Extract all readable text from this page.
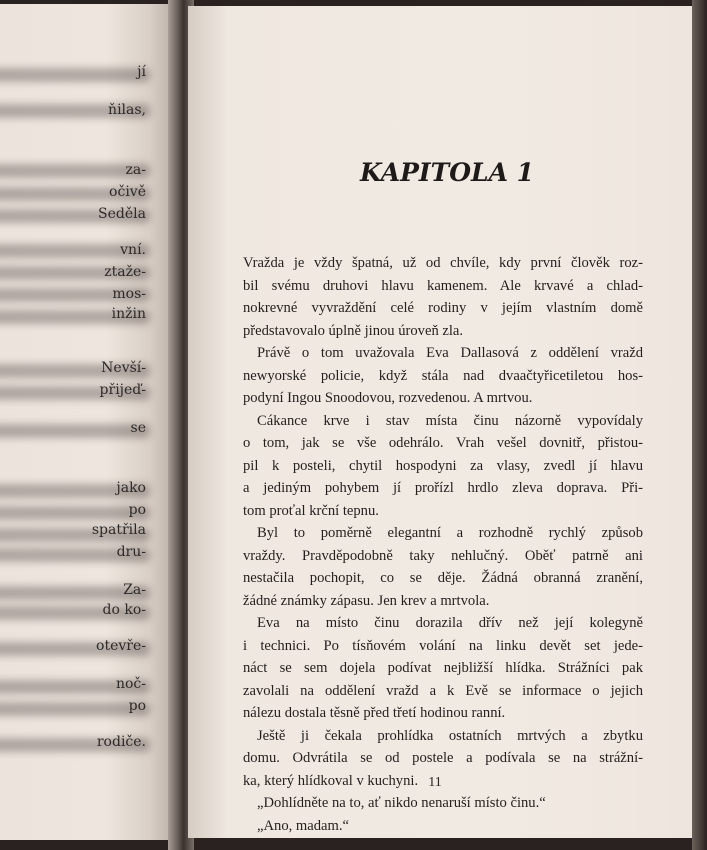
jí
ňilas,
za-
očivě
Seděla
vní.
ztaže-
mos-
inžin
Nevší-
přijeď-
se
jako
po
spatřila
dru-
Za-
do ko-
otevře-
noč-
po
rodiče.
KAPITOLA 1
Vražda je vždy špatná, už od chvíle, kdy první člověk roz-
bil svému druhovi hlavu kamenem. Ale krvavé a chlad-
nokrevné vyvraždění celé rodiny v jejím vlastním domě
představovalo úplně jinou úroveň zla.
Právě o tom uvažovala Eva Dallasová z oddělení vražd
newyorské policie, když stála nad dvaačtyřicetiletou hos-
podyní Ingou Snoodovou, rozvedenou. A mrtvou.
Cákance krve i stav místa činu názorně vypovídaly
o tom, jak se vše odehrálo. Vrah vešel dovnitř, přistou-
pil k posteli, chytil hospodyni za vlasy, zvedl jí hlavu
a jediným pohybem jí proříz​l hrdlo zleva doprava. Při-
tom proťal krční tepnu.
Byl to poměrně elegantní a rozhodně rychlý způsob
vraždy. Pravděpodobně taky nehlučný. Oběť patrně ani
nestačila pochopit, co se děje. Žádná obranná zranění,
žádné známky zápasu. Jen krev a mrtvola.
Eva na místo činu dorazila dřív než její kolegyně
i technici. Po tísňovém volání na linku devět set jede-
náct se sem dojela podívat nejbližší hlídka. Strážníci pak
zavolali na oddělení vražd a k Evě se informace o jejich
nálezu dostala těsně před třetí hodinou ranní.
Ještě ji čekala prohlídka ostatních mrtvých a zbytku
domu. Odvrátila se od postele a podívala se na strážní-
ka, který hlídkoval v kuchyni.
„Dohlídněte na to, ať nikdo nenaruší místo činu.“
„Ano, madam.“
11
